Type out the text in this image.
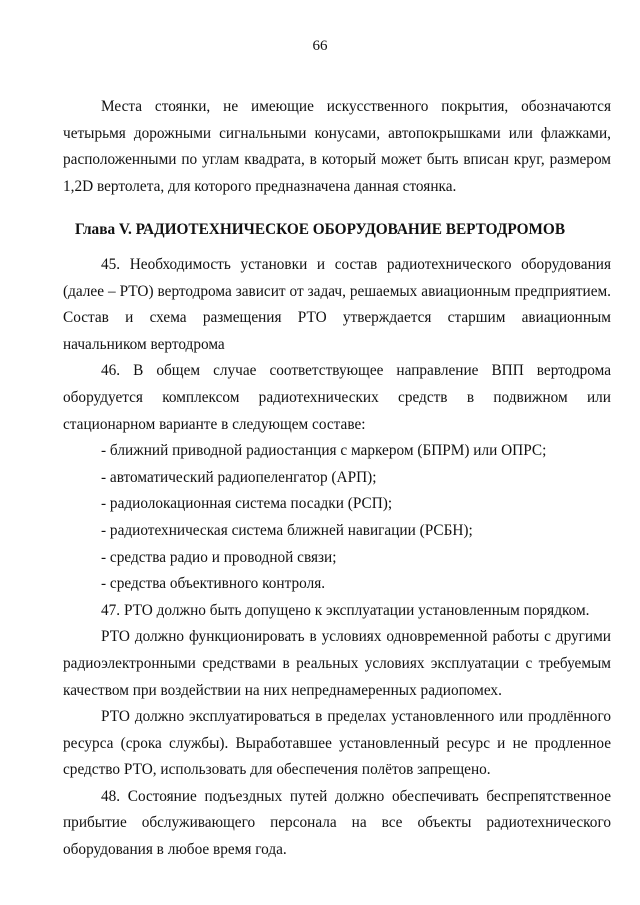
66

Места стоянки, не имеющие искусственного покрытия, обозначаются четырьмя дорожными сигнальными конусами, автопокрышками или флажками, расположенными по углам квадрата, в который может быть вписан круг, размером 1,2D вертолета, для которого предназначена данная стоянка.

Глава V. РАДИОТЕХНИЧЕСКОЕ ОБОРУДОВАНИЕ ВЕРТОДРОМОВ

45. Необходимость установки и состав радиотехнического оборудования (далее – РТО) вертодрома зависит от задач, решаемых авиационным предприятием. Состав и схема размещения РТО утверждается старшим авиационным начальником вертодрома

46. В общем случае соответствующее направление ВПП вертодрома оборудуется комплексом радиотехнических средств в подвижном или стационарном варианте в следующем составе:

- ближний приводной радиостанция с маркером (БПРМ) или ОПРС;

- автоматический радиопеленгатор (АРП);

- радиолокационная система посадки (РСП);

- радиотехническая система ближней навигации (РСБН);

- средства радио и проводной связи;

- средства объективного контроля.

47. РТО должно быть допущено к эксплуатации установленным порядком.

РТО должно функционировать в условиях одновременной работы с другими радиоэлектронными средствами в реальных условиях эксплуатации с требуемым качеством при воздействии на них непреднамеренных радиопомех.

РТО должно эксплуатироваться в пределах установленного или продлённого ресурса (срока службы). Выработавшее установленный ресурс и не продленное средство РТО, использовать для обеспечения полётов запрещено.

48. Состояние подъездных путей должно обеспечивать беспрепятственное прибытие обслуживающего персонала на все объекты радиотехнического оборудования в любое время года.
